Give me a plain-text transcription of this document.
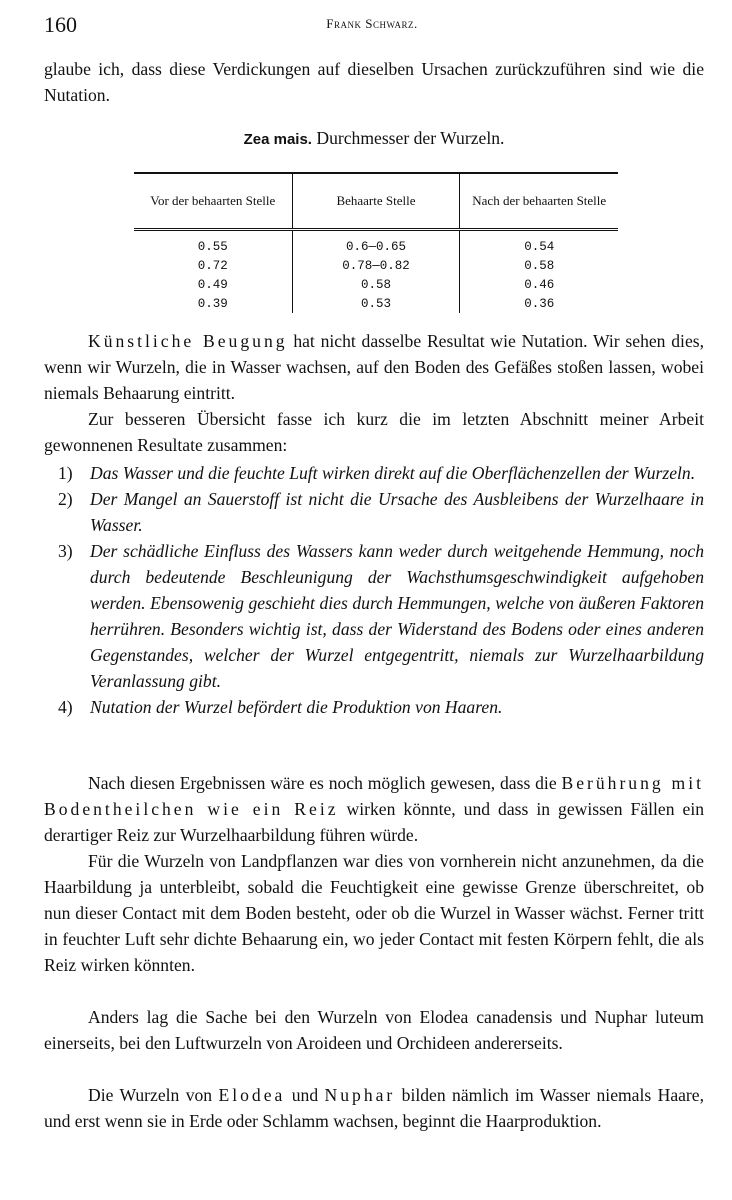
160	Frank Schwarz.

glaube ich, dass diese Verdickungen auf dieselben Ursachen zurückzuführen sind wie die Nutation.

Zea mais. Durchmesser der Wurzeln.
Vor der behaarten Stelle	Behaarte Stelle	Nach der behaarten Stelle
0.55	0.6—0.65	0.54
0.72	0.78—0.82	0.58
0.49	0.58	0.46
0.39	0.53	0.36

Künstliche Beugung hat nicht dasselbe Resultat wie Nutation. Wir sehen dies, wenn wir Wurzeln, die in Wasser wachsen, auf den Boden des Gefäßes stoßen lassen, wobei niemals Behaarung eintritt.

Zur besseren Übersicht fasse ich kurz die im letzten Abschnitt meiner Arbeit gewonnenen Resultate zusammen:

1) Das Wasser und die feuchte Luft wirken direkt auf die Oberflächenzellen der Wurzeln.

2) Der Mangel an Sauerstoff ist nicht die Ursache des Ausbleibens der Wurzelhaare in Wasser.

3) Der schädliche Einfluss des Wassers kann weder durch weitgehende Hemmung, noch durch bedeutende Beschleunigung der Wachsthumsgeschwindigkeit aufgehoben werden. Ebensowenig geschieht dies durch Hemmungen, welche von äußeren Faktoren herrühren. Besonders wichtig ist, dass der Widerstand des Bodens oder eines anderen Gegenstandes, welcher der Wurzel entgegentritt, niemals zur Wurzelhaarbildung Veranlassung gibt.

4) Nutation der Wurzel befördert die Produktion von Haaren.

Nach diesen Ergebnissen wäre es noch möglich gewesen, dass die Berührung mit Bodentheilchen wie ein Reiz wirken könnte, und dass in gewissen Fällen ein derartiger Reiz zur Wurzelhaarbildung führen würde.

Für die Wurzeln von Landpflanzen war dies von vornherein nicht anzunehmen, da die Haarbildung ja unterbleibt, sobald die Feuchtigkeit eine gewisse Grenze überschreitet, ob nun dieser Contact mit dem Boden besteht, oder ob die Wurzel in Wasser wächst. Ferner tritt in feuchter Luft sehr dichte Behaarung ein, wo jeder Contact mit festen Körpern fehlt, die als Reiz wirken könnten.

Anders lag die Sache bei den Wurzeln von Elodea canadensis und Nuphar luteum einerseits, bei den Luftwurzeln von Aroideen und Orchideen andererseits.

Die Wurzeln von Elodea und Nuphar bilden nämlich im Wasser niemals Haare, und erst wenn sie in Erde oder Schlamm wachsen, beginnt die Haarproduktion.
